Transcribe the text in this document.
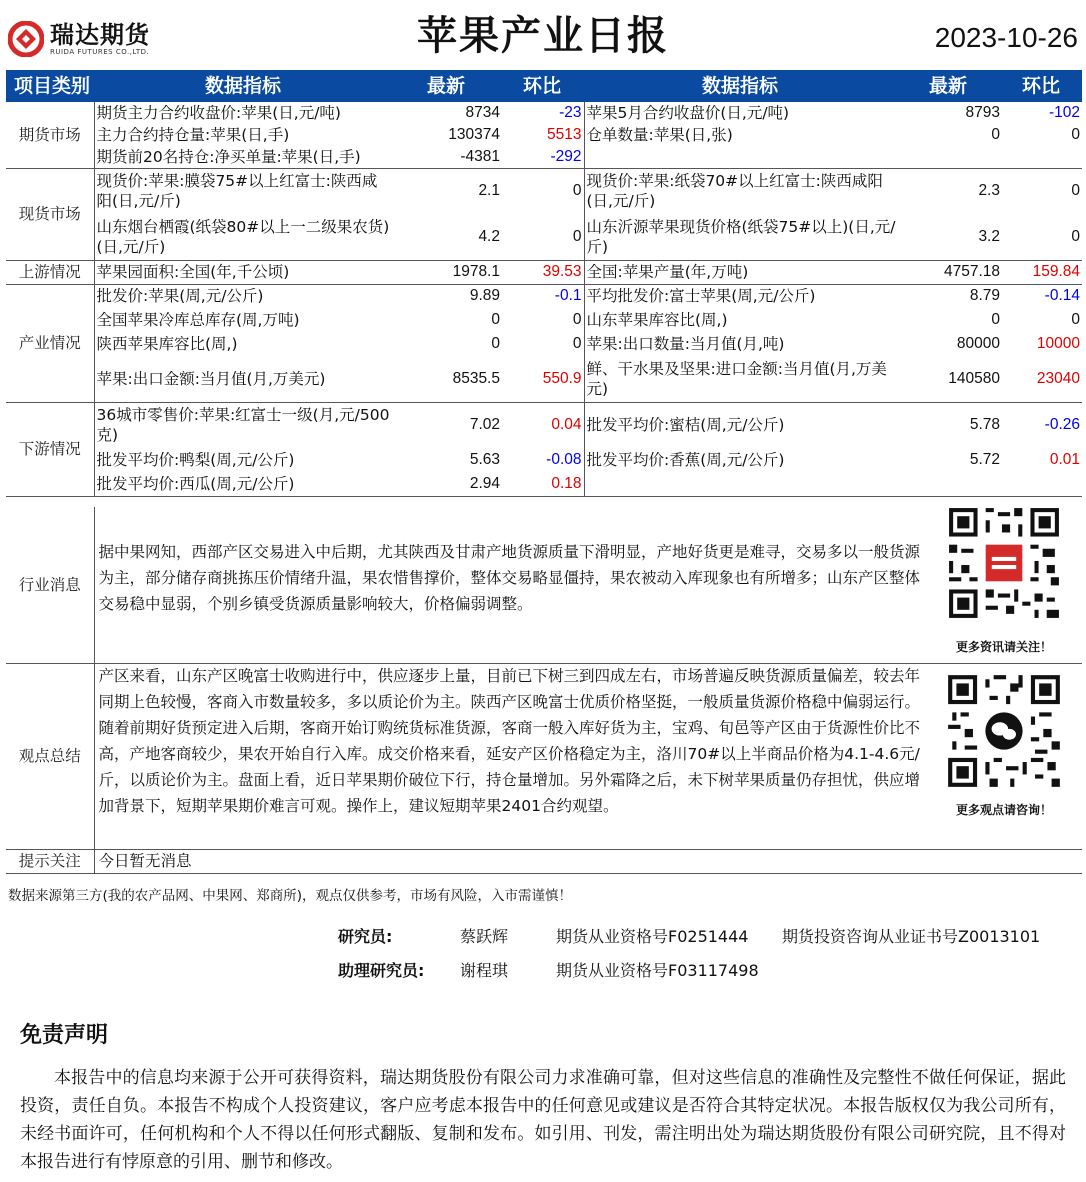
瑞达期货
RUIDA FUTURES CO.,LTD.	苹果产业日报	2023-10-26
项目类别	数据指标	最新	环比	数据指标	最新	环比
期货市场	期货主力合约收盘价:苹果(日,元/吨)	8734	-23	苹果5月合约收盘价(日,元/吨)	8793	-102
	主力合约持仓量:苹果(日,手)	130374	5513	仓单数量:苹果(日,张)	0	0
	期货前20名持仓:净买单量:苹果(日,手)	-4381	-292			
现货市场	现货价:苹果:膜袋75#以上红富士:陕西咸阳(日,元/斤)	2.1	0	现货价:苹果:纸袋70#以上红富士:陕西咸阳(日,元/斤)	2.3	0
	山东烟台栖霞(纸袋80#以上一二级果农货)(日,元/斤)	4.2	0	山东沂源苹果现货价格(纸袋75#以上)(日,元/斤)	3.2	0
上游情况	苹果园面积:全国(年,千公顷)	1978.1	39.53	全国:苹果产量(年,万吨)	4757.18	159.84
产业情况	批发价:苹果(周,元/公斤)	9.89	-0.1	平均批发价:富士苹果(周,元/公斤)	8.79	-0.14
	全国苹果冷库总库存(周,万吨)	0	0	山东苹果库容比(周,)	0	0
	陕西苹果库容比(周,)	0	0	苹果:出口数量:当月值(月,吨)	80000	10000
	苹果:出口金额:当月值(月,万美元)	8535.5	550.9	鲜、干水果及坚果:进口金额:当月值(月,万美元)	140580	23040
下游情况	36城市零售价:苹果:红富士一级(月,元/500克)	7.02	0.04	批发平均价:蜜桔(周,元/公斤)	5.78	-0.26
	批发平均价:鸭梨(周,元/公斤)	5.63	-0.08	批发平均价:香蕉(周,元/公斤)	5.72	0.01
	批发平均价:西瓜(周,元/公斤)	2.94	0.18			
行业消息	据中果网知，西部产区交易进入中后期，尤其陕西及甘肃产地货源质量下滑明显，产地好货更是难寻，交易多以一般货源为主，部分储存商挑拣压价情绪升温，果农惜售撑价，整体交易略显僵持，果农被动入库现象也有所增多；山东产区整体交易稳中显弱，个别乡镇受货源质量影响较大，价格偏弱调整。	
更多资讯请关注！
观点总结	产区来看，山东产区晚富士收购进行中，供应逐步上量，目前已下树三到四成左右，市场普遍反映货源质量偏差，较去年同期上色较慢，客商入市数量较多，多以质论价为主。陕西产区晚富士优质价格坚挺，一般质量货源价格稳中偏弱运行。随着前期好货预定进入后期，客商开始订购统货标准货源，客商一般入库好货为主，宝鸡、旬邑等产区由于货源性价比不高，产地客商较少，果农开始自行入库。成交价格来看，延安产区价格稳定为主，洛川70#以上半商品价格为4.1-4.6元/斤，以质论价为主。盘面上看，近日苹果期价破位下行，持仓量增加。另外霜降之后，未下树苹果质量仍存担忧，供应增加背景下，短期苹果期价难言可观。操作上，建议短期苹果2401合约观望。	更多观点请咨询！

提示关注	今日暂无消息	
数据来源第三方(我的农产品网、中果网、郑商所)，观点仅供参考，市场有风险，入市需谨慎！
研究员:	蔡跃辉	期货从业资格号F0251444 期货投资咨询从业证书号Z0013101
助理研究员: 谢程琪	期货从业资格号F03117498
免责声明
本报告中的信息均来源于公开可获得资料，瑞达期货股份有限公司力求准确可靠，但对这些信息的准确性及完整性不做任何保证，据此投资，责任自负。本报告不构成个人投资建议，客户应考虑本报告中的任何意见或建议是否符合其特定状况。本报告版权仅为我公司所有，未经书面许可，任何机构和个人不得以任何形式翻版、复制和发布。如引用、刊发，需注明出处为瑞达期货股份有限公司研究院，且不得对本报告进行有悖原意的引用、删节和修改。
